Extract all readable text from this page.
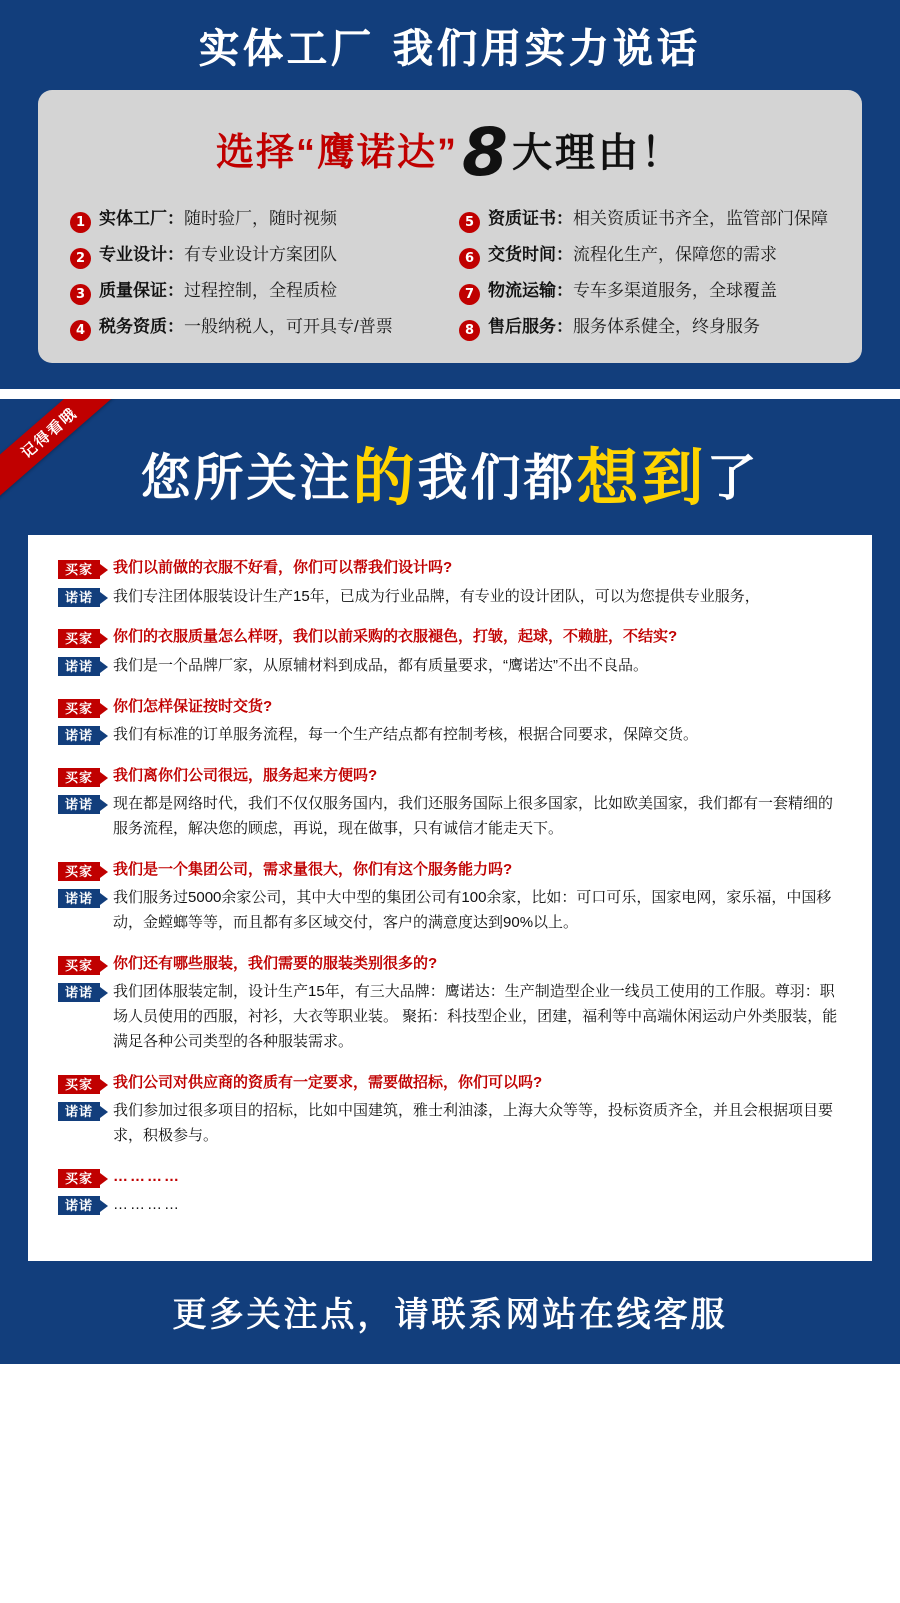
实体工厂 我们用实力说话
选择“鹰诺达”8 大理由！
1 实体工厂： 随时验厂，随时视频	5 资质证书： 相关资质证书齐全，监管部门保障
2 专业设计： 有专业设计方案团队	6 交货时间： 流程化生产，保障您的需求
3 质量保证： 过程控制，全程质检	7 物流运输： 专车多渠道服务，全球覆盖
4 税务资质： 一般纳税人，可开具专/普票	8 售后服务： 服务体系健全，终身服务
记得看哦
您所关注的我们都想到了
买家	我们以前做的衣服不好看，你们可以帮我们设计吗?
诺诺	我们专注团体服装设计生产15年，已成为行业品牌，有专业的设计团队，可以为您提供专业服务，
买家	你们的衣服质量怎么样呀，我们以前采购的衣服褪色，打皱，起球，不赖脏，不结实?
诺诺	我们是一个品牌厂家，从原辅材料到成品，都有质量要求，“鹰诺达”不出不良品。
买家	你们怎样保证按时交货?
诺诺	我们有标准的订单服务流程，每一个生产结点都有控制考核，根据合同要求，保障交货。
买家	我们离你们公司很远，服务起来方便吗?
诺诺	现在都是网络时代，我们不仅仅服务国内，我们还服务国际上很多国家，比如欧美国家，我们都有一套精细的服务流程，解决您的顾虑，再说，现在做事，只有诚信才能走天下。
买家	我们是一个集团公司，需求量很大，你们有这个服务能力吗?
诺诺	我们服务过5000余家公司，其中大中型的集团公司有100余家，比如：可口可乐，国家电网，家乐福，中国移动，金螳螂等等，而且都有多区域交付，客户的满意度达到90%以上。
买家	你们还有哪些服装，我们需要的服装类别很多的?
诺诺	我们团体服装定制，设计生产15年，有三大品牌：鹰诺达：生产制造型企业一线员工使用的工作服。尊羽：职场人员使用的西服，衬衫，大衣等职业装。 聚拓：科技型企业，团建，福利等中高端休闲运动户外类服装，能满足各种公司类型的各种服装需求。
买家	我们公司对供应商的资质有一定要求，需要做招标，你们可以吗?
诺诺	我们参加过很多项目的招标，比如中国建筑，雅士利油漆，上海大众等等，投标资质齐全，并且会根据项目要求，积极参与。
买家	…………
诺诺	…………
更多关注点，请联系网站在线客服
